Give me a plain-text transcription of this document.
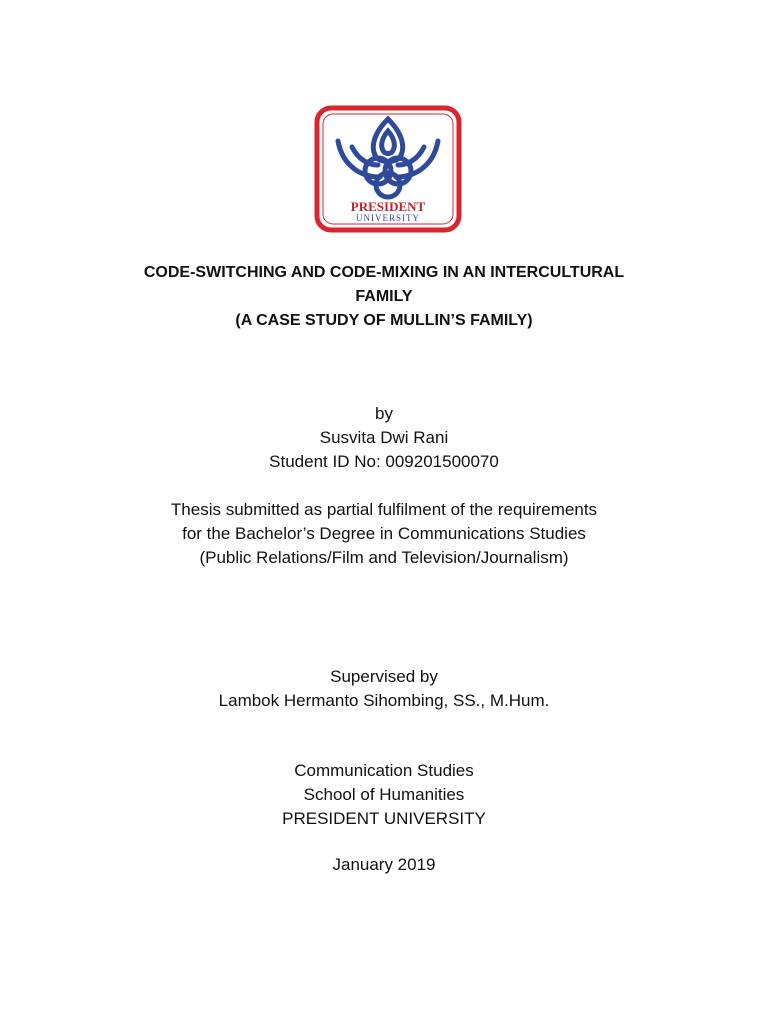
PRESIDENT
UNIVERSITY
CODE-SWITCHING AND CODE-MIXING IN AN INTERCULTURAL
FAMILY
(A CASE STUDY OF MULLIN’S FAMILY)
by
Susvita Dwi Rani
Student ID No: 009201500070
Thesis submitted as partial fulfilment of the requirements
for the Bachelor’s Degree in Communications Studies
(Public Relations/Film and Television/Journalism)
Supervised by
Lambok Hermanto Sihombing, SS., M.Hum.
Communication Studies
School of Humanities
PRESIDENT UNIVERSITY
January 2019
